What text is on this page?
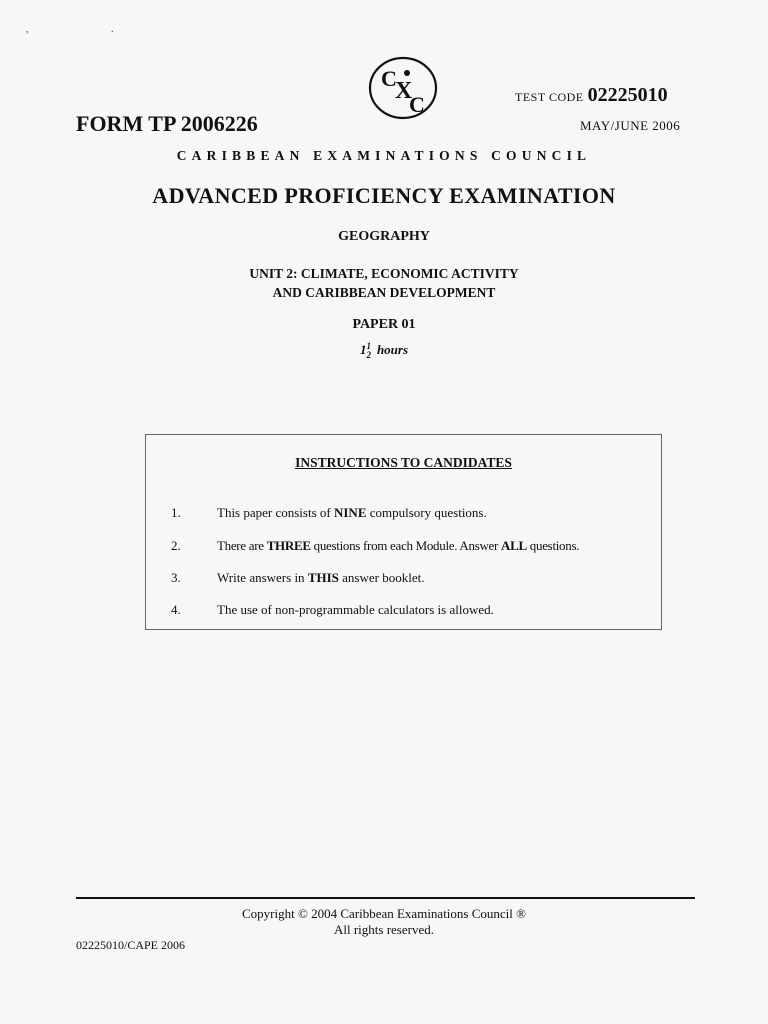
, .
C
X
C
FORM TP 2006226
TEST CODE 02225010
MAY/JUNE 2006
CARIBBEAN EXAMINATIONS COUNCIL
ADVANCED PROFICIENCY EXAMINATION
GEOGRAPHY
UNIT 2: CLIMATE, ECONOMIC ACTIVITY
AND CARIBBEAN DEVELOPMENT
PAPER 01
11
2 hours
INSTRUCTIONS TO CANDIDATES
1.	This paper consists of NINE compulsory questions.
2.	There are THREE questions from each Module. Answer ALL questions.
3.	Write answers in THIS answer booklet.
4.	The use of non-programmable calculators is allowed.
Copyright © 2004 Caribbean Examinations Council ®
All rights reserved.
02225010/CAPE 2006
